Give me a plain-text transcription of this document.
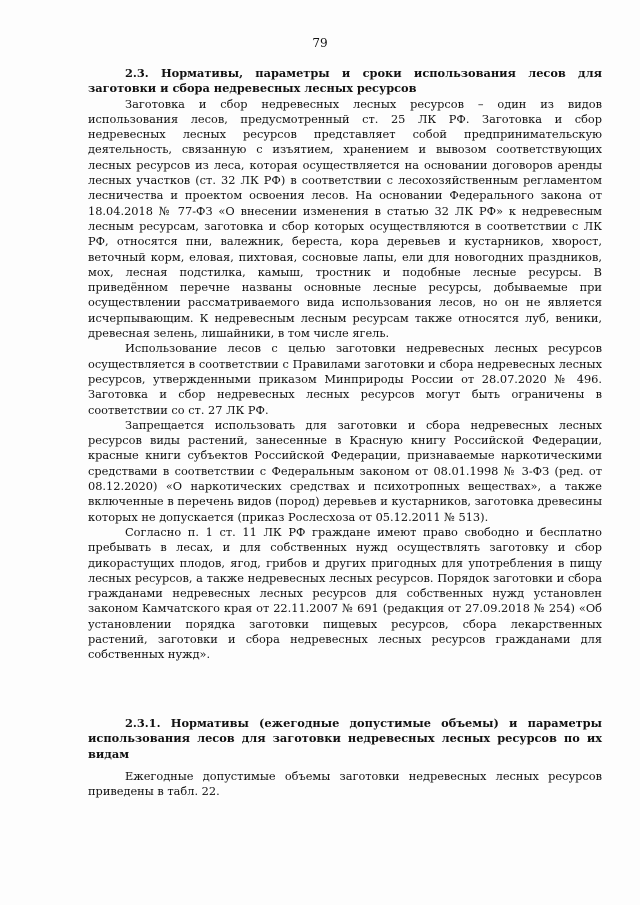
79

2.3. Нормативы, параметры и сроки использования лесов для заготовки и сбора недревесных лесных ресурсов

Заготовка и сбор недревесных лесных ресурсов – один из видов использования лесов, предусмотренный ст. 25 ЛК РФ. Заготовка и сбор недревесных лесных ресурсов представляет собой предпринимательскую деятельность, связанную с изъятием, хранением и вывозом соответствующих лесных ресурсов из леса, которая осуществляется на основании договоров аренды лесных участков (ст. 32 ЛК РФ) в соответствии с лесохозяйственным регламентом лесничества и проектом освоения лесов. На основании Федерального закона от 18.04.2018 № 77-ФЗ «О внесении изменения в статью 32 ЛК РФ» к недревесным лесным ресурсам, заготовка и сбор которых осуществляются в соответствии с ЛК РФ, относятся пни, валежник, береста, кора деревьев и кустарников, хворост, веточный корм, еловая, пихтовая, сосновые лапы, ели для новогодних праздников, мох, лесная подстилка, камыш, тростник и подобные лесные ресурсы. В приведённом перечне названы основные лесные ресурсы, добываемые при осуществлении рассматриваемого вида использования лесов, но он не является исчерпывающим. К недревесным лесным ресурсам также относятся луб, веники, древесная зелень, лишайники, в том числе ягель.

Использование лесов с целью заготовки недревесных лесных ресурсов осуществляется в соответствии с Правилами заготовки и сбора недревесных лесных ресурсов, утвержденными приказом Минприроды России от 28.07.2020 № 496. Заготовка и сбор недревесных лесных ресурсов могут быть ограничены в соответствии со ст. 27 ЛК РФ.

Запрещается использовать для заготовки и сбора недревесных лесных ресурсов виды растений, занесенные в Красную книгу Российской Федерации, красные книги субъектов Российской Федерации, признаваемые наркотическими средствами в соответствии с Федеральным законом от 08.01.1998 № 3-ФЗ (ред. от 08.12.2020) «О наркотических средствах и психотропных веществах», а также включенные в перечень видов (пород) деревьев и кустарников, заготовка древесины которых не допускается (приказ Рослесхоза от 05.12.2011 № 513).

Согласно п. 1 ст. 11 ЛК РФ граждане имеют право свободно и бесплатно пребывать в лесах, и для собственных нужд осуществлять заготовку и сбор дикорастущих плодов, ягод, грибов и других пригодных для употребления в пищу лесных ресурсов, а также недревесных лесных ресурсов. Порядок заготовки и сбора гражданами недревесных лесных ресурсов для собственных нужд установлен законом Камчатского края от 22.11.2007 № 691 (редакция от 27.09.2018 № 254) «Об установлении порядка заготовки пищевых ресурсов, сбора лекарственных растений, заготовки и сбора недревесных лесных ресурсов гражданами для собственных нужд».

2.3.1. Нормативы (ежегодные допустимые объемы) и параметры использования лесов для заготовки недревесных лесных ресурсов по их видам

Ежегодные допустимые объемы заготовки недревесных лесных ресурсов приведены в табл. 22.
